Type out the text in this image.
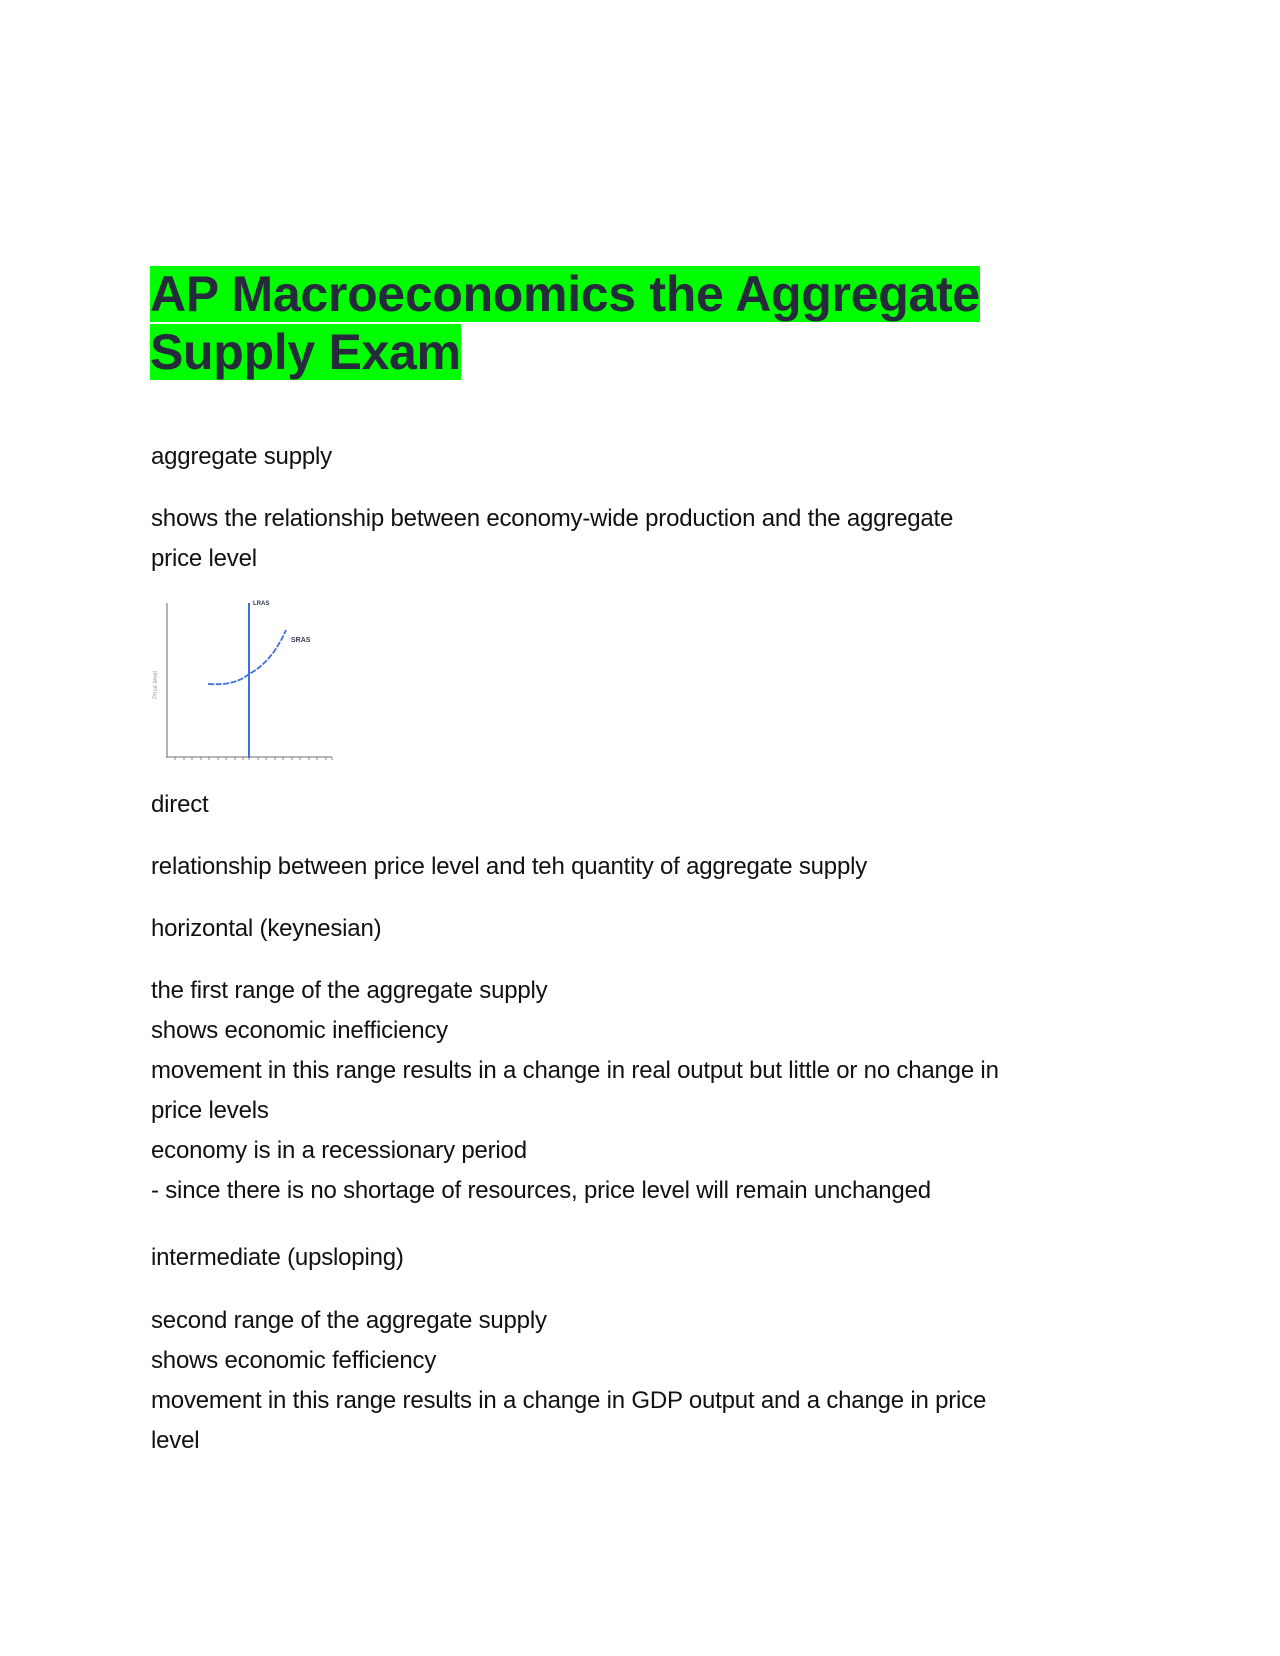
AP Macroeconomics the Aggregate
Supply Exam

aggregate supply

shows the relationship between economy-wide production and the aggregate
price level

Price level
LRAS
SRAS

direct

relationship between price level and teh quantity of aggregate supply

horizontal (keynesian)

the first range of the aggregate supply
shows economic inefficiency
movement in this range results in a change in real output but little or no change in
price levels
economy is in a recessionary period
- since there is no shortage of resources, price level will remain unchanged

intermediate (upsloping)

second range of the aggregate supply
shows economic fefficiency
movement in this range results in a change in GDP output and a change in price
level
